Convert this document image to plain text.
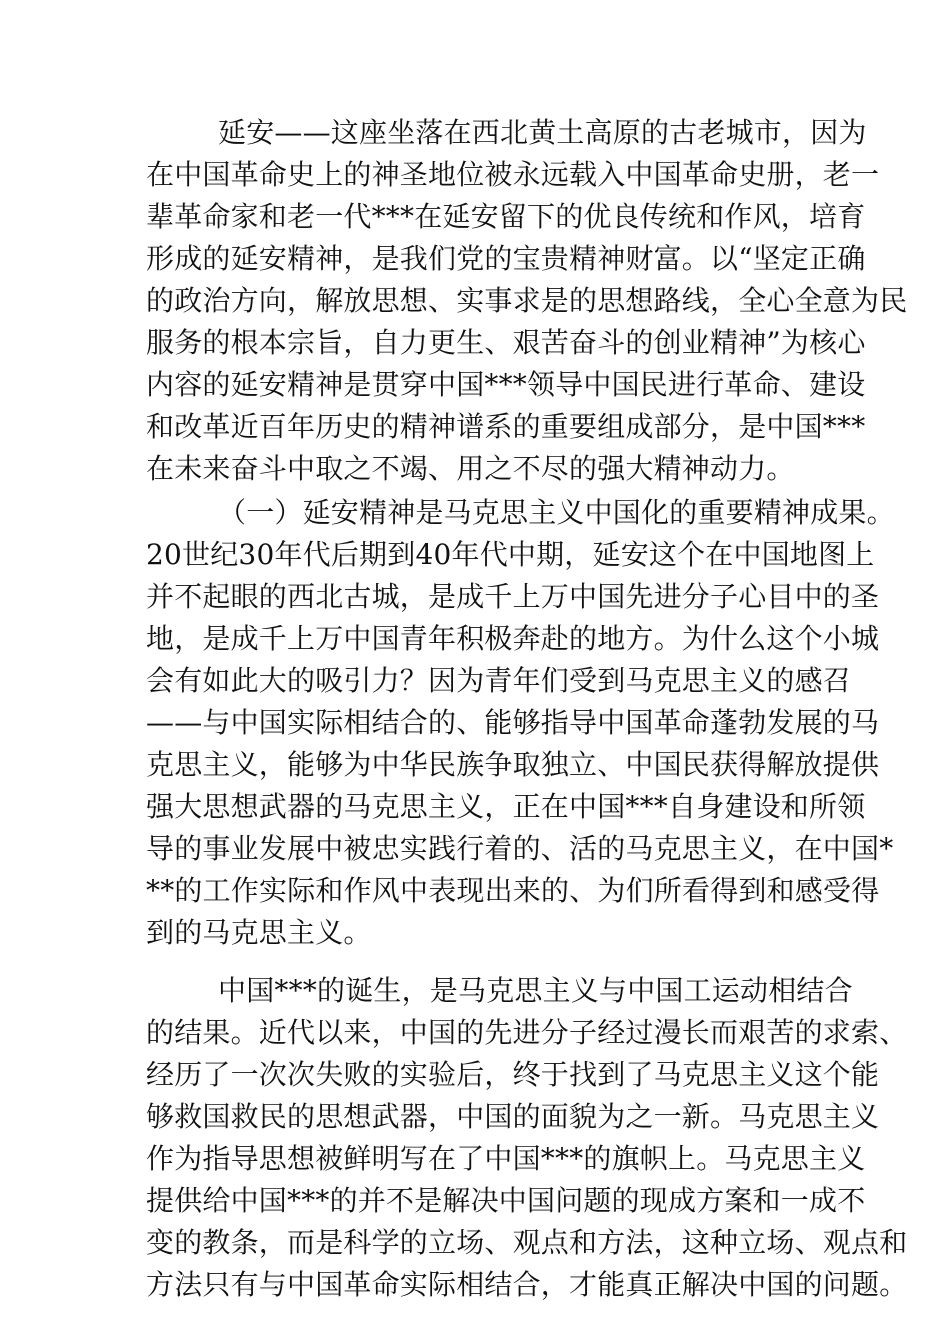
延安——这座坐落在西北黄土高原的古老城市，因为
在中国革命史上的神圣地位被永远载入中国革命史册，老一
辈革命家和老一代***在延安留下的优良传统和作风，培育
形成的延安精神，是我们党的宝贵精神财富。以“坚定正确
的政治方向，解放思想、实事求是的思想路线，全心全意为民
服务的根本宗旨，自力更生、艰苦奋斗的创业精神”为核心
内容的延安精神是贯穿中国***领导中国民进行革命、建设
和改革近百年历史的精神谱系的重要组成部分，是中国***
在未来奋斗中取之不竭、用之不尽的强大精神动力。
（一）延安精神是马克思主义中国化的重要精神成果。
20世纪30年代后期到40年代中期，延安这个在中国地图上
并不起眼的西北古城，是成千上万中国先进分子心目中的圣
地，是成千上万中国青年积极奔赴的地方。为什么这个小城
会有如此大的吸引力？因为青年们受到马克思主义的感召
——与中国实际相结合的、能够指导中国革命蓬勃发展的马
克思主义，能够为中华民族争取独立、中国民获得解放提供
强大思想武器的马克思主义，正在中国***自身建设和所领
导的事业发展中被忠实践行着的、活的马克思主义，在中国*
**的工作实际和作风中表现出来的、为们所看得到和感受得
到的马克思主义。
中国***的诞生，是马克思主义与中国工运动相结合
的结果。近代以来，中国的先进分子经过漫长而艰苦的求索、
经历了一次次失败的实验后，终于找到了马克思主义这个能
够救国救民的思想武器，中国的面貌为之一新。马克思主义
作为指导思想被鲜明写在了中国***的旗帜上。马克思主义
提供给中国***的并不是解决中国问题的现成方案和一成不
变的教条，而是科学的立场、观点和方法，这种立场、观点和
方法只有与中国革命实际相结合，才能真正解决中国的问题。
